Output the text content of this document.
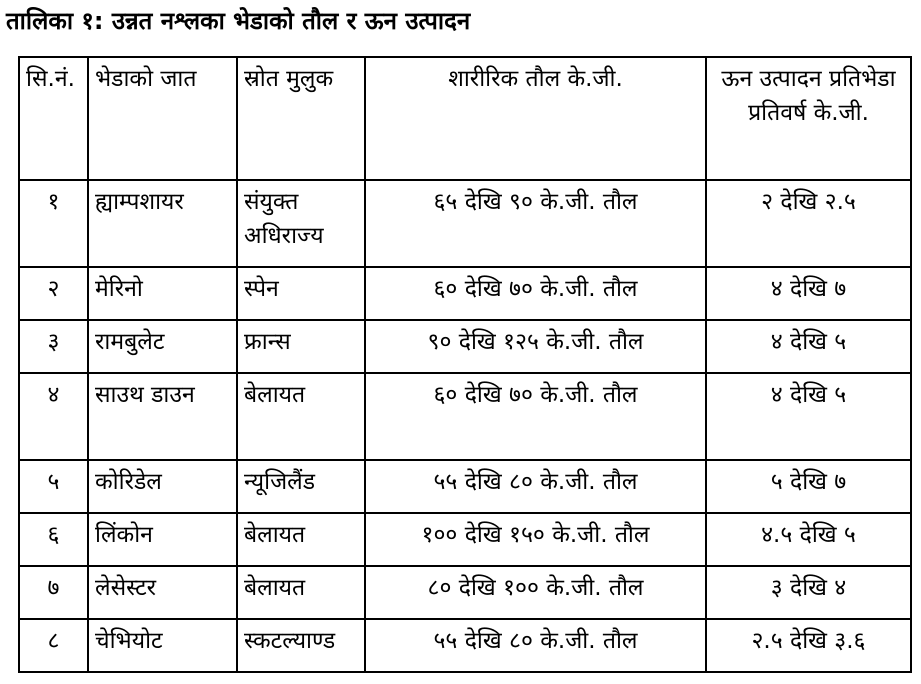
तालिका १: उन्नत नश्लका भेडाको तौल र ऊन उत्पादन
सि.नं.	भेडाको जात	स्रोत मुलुक	शारीरिक तौल के.जी.	ऊन उत्पादन प्रतिभेडा प्रतिवर्ष के.जी.
१	ह्याम्पशायर	संयुक्त अधिराज्य	६५ देखि ९० के.जी. तौल	२ देखि २.५
२	मेरिनो	स्पेन	६० देखि ७० के.जी. तौल	४ देखि ७
३	रामबुलेट	फ्रान्स	९० देखि १२५ के.जी. तौल	४ देखि ५
४	साउथ डाउन	बेलायत	६० देखि ७० के.जी. तौल	४ देखि ५
५	कोरिडेल	न्यूजिलैंड	५५ देखि ८० के.जी. तौल	५ देखि ७
६	लिंकोन	बेलायत	१०० देखि १५० के.जी. तौल	४.५ देखि ५
७	लेसेस्टर	बेलायत	८० देखि १०० के.जी. तौल	३ देखि ४
८	चेभियोट	स्कटल्याण्ड	५५ देखि ८० के.जी. तौल	२.५ देखि ३.६
